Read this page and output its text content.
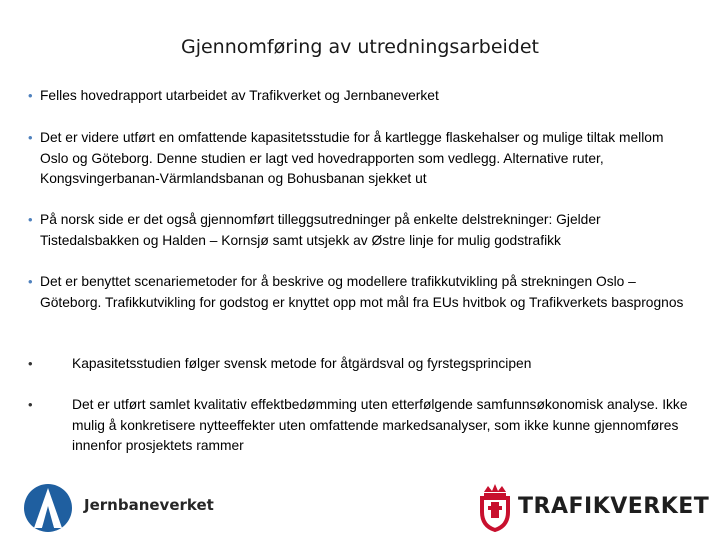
Gjennomføring av utredningsarbeidet
• Felles hovedrapport utarbeidet av Trafikverket og Jernbaneverket
• Det er videre utført en omfattende kapasitetsstudie for å kartlegge flaskehalser og mulige tiltak mellom Oslo og Göteborg. Denne studien er lagt ved hovedrapporten som vedlegg. Alternative ruter, Kongsvingerbanan-Värmlandsbanan og Bohusbanan sjekket ut
• På norsk side er det også gjennomført tilleggsutredninger på enkelte delstrekninger: Gjelder Tistedalsbakken og Halden – Kornsjø samt utsjekk av Østre linje for mulig godstrafikk
• Det er benyttet scenariemetoder for å beskrive og modellere trafikkutvikling på strekningen Oslo – Göteborg. Trafikkutvikling for godstog er knyttet opp mot mål fra EUs hvitbok og Trafikverkets basprognos
•	Kapasitetsstudien følger svensk metode for åtgärdsval og fyrstegsprincipen
•	Det er utført samlet kvalitativ effektbedømming uten etterfølgende samfunnsøkonomisk analyse. Ikke mulig å konkretisere nytteeffekter uten omfattende markedsanalyser, som ikke kunne gjennomføres innenfor prosjektets rammer
Jernbaneverket	TRAFIKVERKET
